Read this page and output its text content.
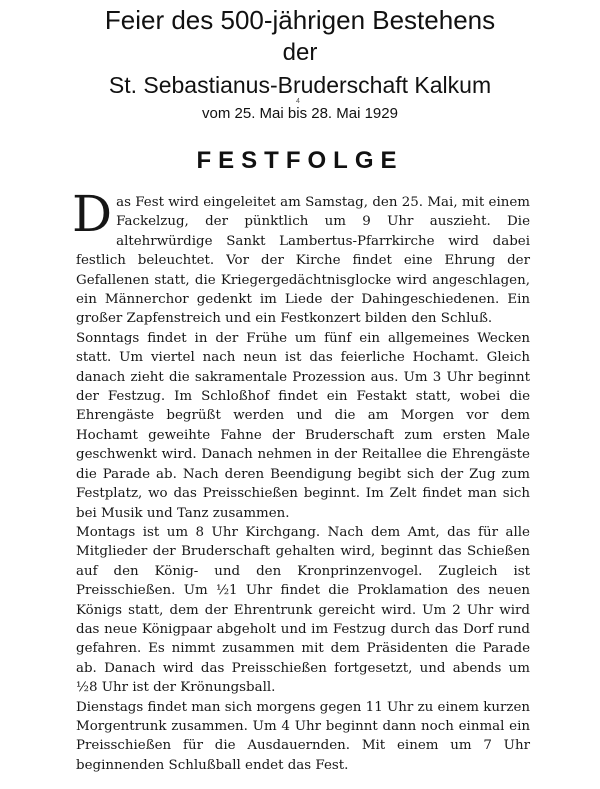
Feier des 500-jährigen Bestehens
der
St. Sebastianus-Bruderschaft Kalkum
4
vom 25. Mai bis 28. Mai 1929
FESTFOLGE

Das Fest wird eingeleitet am Samstag, den 25. Mai, mit einem Fackelzug, der pünktlich um 9 Uhr auszieht. Die altehrwürdige Sankt Lambertus-Pfarrkirche wird dabei festlich beleuchtet. Vor der Kirche findet eine Ehrung der Gefallenen statt, die Kriegergedächtnisglocke wird angeschlagen, ein Männerchor gedenkt im Liede der Dahingeschiedenen. Ein großer Zapfenstreich und ein Festkonzert bilden den Schluß.

Sonntags findet in der Frühe um fünf ein allgemeines Wecken statt. Um viertel nach neun ist das feierliche Hochamt. Gleich danach zieht die sakramentale Prozession aus. Um 3 Uhr beginnt der Festzug. Im Schloßhof findet ein Festakt statt, wobei die Ehrengäste begrüßt werden und die am Morgen vor dem Hochamt geweihte Fahne der Bruderschaft zum ersten Male geschwenkt wird. Danach nehmen in der Reitallee die Ehrengäste die Parade ab. Nach deren Beendigung begibt sich der Zug zum Festplatz, wo das Preisschießen beginnt. Im Zelt findet man sich bei Musik und Tanz zusammen.

Montags ist um 8 Uhr Kirchgang. Nach dem Amt, das für alle Mitglieder der Bruderschaft gehalten wird, beginnt das Schießen auf den König- und den Kronprinzenvogel. Zugleich ist Preisschießen. Um ½1 Uhr findet die Proklamation des neuen Königs statt, dem der Ehrentrunk gereicht wird. Um 2 Uhr wird das neue Königpaar abgeholt und im Festzug durch das Dorf rund gefahren. Es nimmt zusammen mit dem Präsidenten die Parade ab. Danach wird das Preisschießen fortgesetzt, und abends um ½8 Uhr ist der Krönungsball.

Dienstags findet man sich morgens gegen 11 Uhr zu einem kurzen Morgentrunk zusammen. Um 4 Uhr beginnt dann noch einmal ein Preisschießen für die Ausdauernden. Mit einem um 7 Uhr beginnenden Schlußball endet das Fest.
